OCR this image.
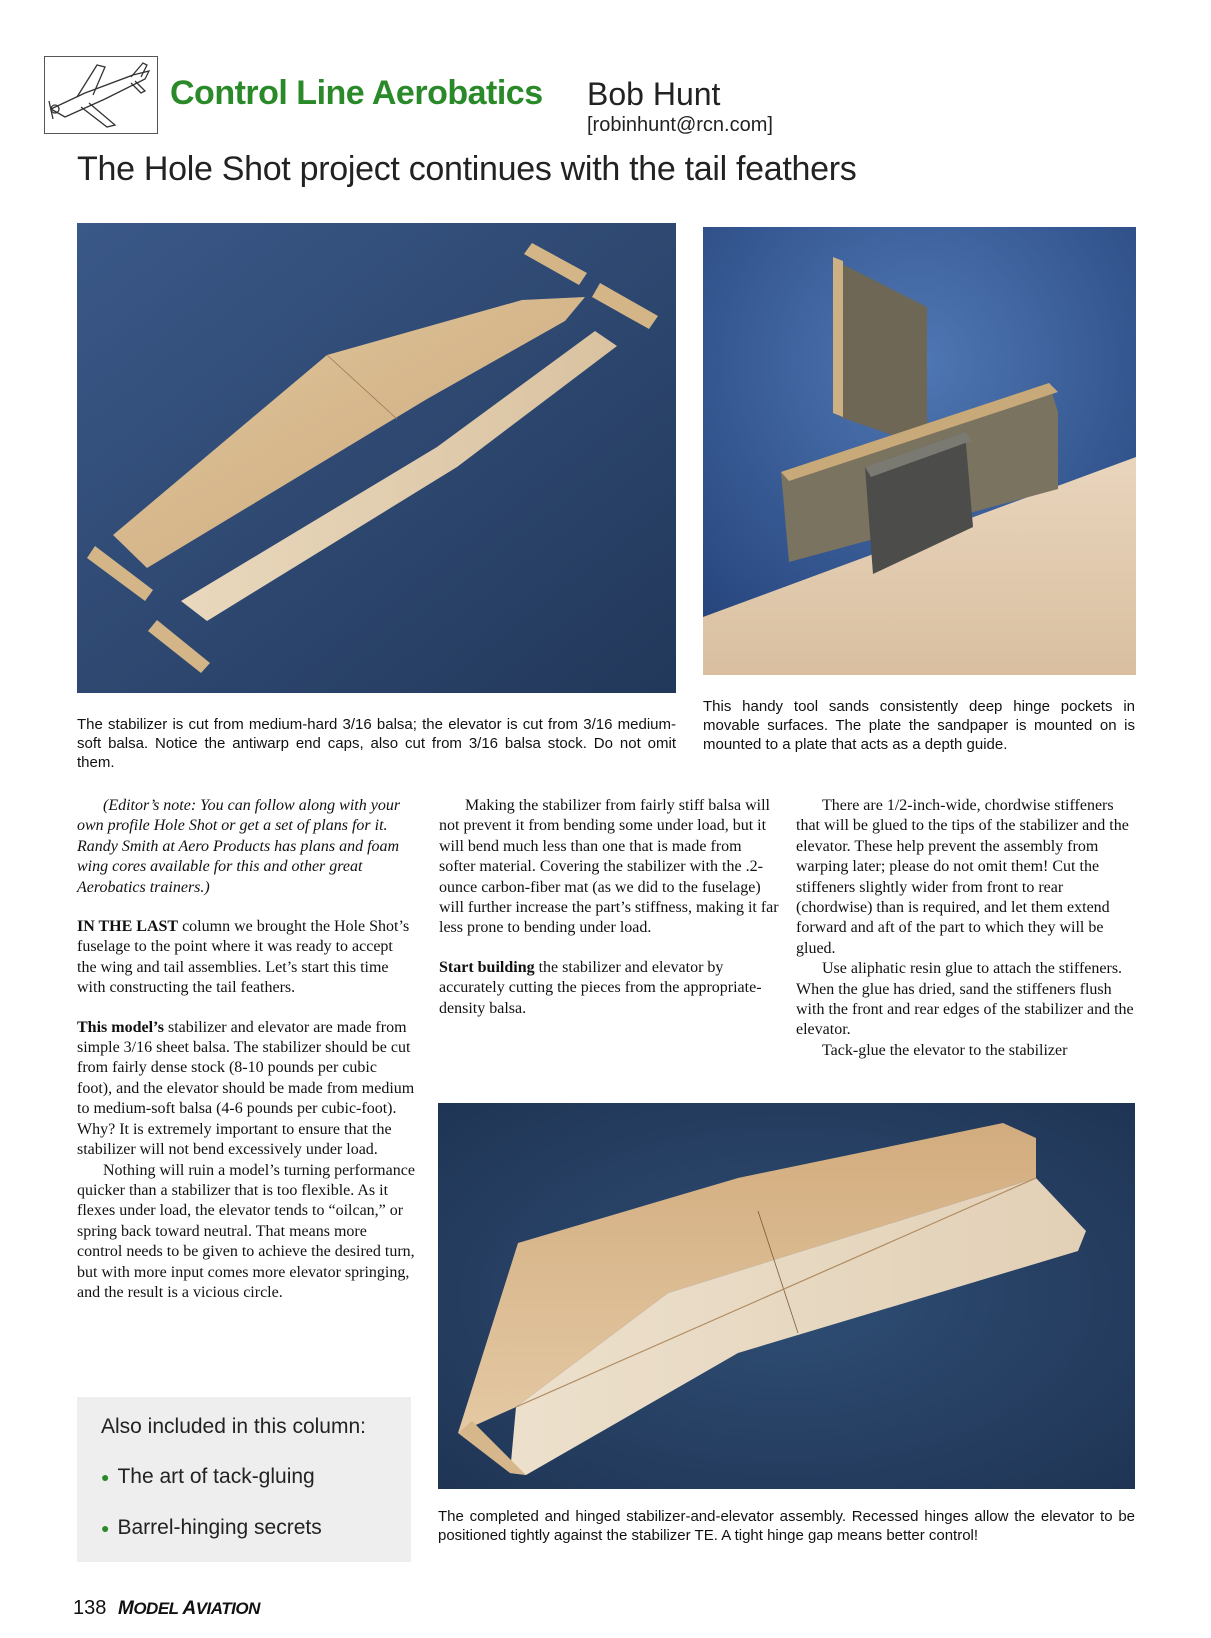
Control Line Aerobatics Bob Hunt
[robinhunt@rcn.com]
The Hole Shot project continues with the tail feathers
The stabilizer is cut from medium-hard 3/16 balsa; the elevator is cut from 3/16 medium-soft balsa. Notice the antiwarp end caps, also cut from 3/16 balsa stock. Do not omit them.
This handy tool sands consistently deep hinge pockets in movable surfaces. The plate the sandpaper is mounted on is mounted to a plate that acts as a depth guide.

(Editor’s note: You can follow along with your own profile Hole Shot or get a set of plans for it. Randy Smith at Aero Products has plans and foam wing cores available for this and other great Aerobatics trainers.)

IN THE LAST column we brought the Hole Shot’s fuselage to the point where it was ready to accept the wing and tail assemblies. Let’s start this time with constructing the tail feathers.

This model’s stabilizer and elevator are made from simple 3/16 sheet balsa. The stabilizer should be cut from fairly dense stock (8-10 pounds per cubic foot), and the elevator should be made from medium to medium-soft balsa (4-6 pounds per cubic-foot). Why? It is extremely important to ensure that the stabilizer will not bend excessively under load.

Nothing will ruin a model’s turning performance quicker than a stabilizer that is too flexible. As it flexes under load, the elevator tends to “oilcan,” or spring back toward neutral. That means more control needs to be given to achieve the desired turn, but with more input comes more elevator springing, and the result is a vicious circle.

Making the stabilizer from fairly stiff balsa will not prevent it from bending some under load, but it will bend much less than one that is made from softer material. Covering the stabilizer with the .2-ounce carbon-fiber mat (as we did to the fuselage) will further increase the part’s stiffness, making it far less prone to bending under load.

Start building the stabilizer and elevator by accurately cutting the pieces from the appropriate-density balsa.

There are 1/2-inch-wide, chordwise stiffeners that will be glued to the tips of the stabilizer and the elevator. These help prevent the assembly from warping later; please do not omit them! Cut the stiffeners slightly wider from front to rear (chordwise) than is required, and let them extend forward and aft of the part to which they will be glued.

Use aliphatic resin glue to attach the stiffeners. When the glue has dried, sand the stiffeners flush with the front and rear edges of the stabilizer and the elevator.

Tack-glue the elevator to the stabilizer

The completed and hinged stabilizer-and-elevator assembly. Recessed hinges allow the elevator to be positioned tightly against the stabilizer TE. A tight hinge gap means better control!
Also included in this column:
● The art of tack-gluing
● Barrel-hinging secrets
138 MODEL AVIATION
